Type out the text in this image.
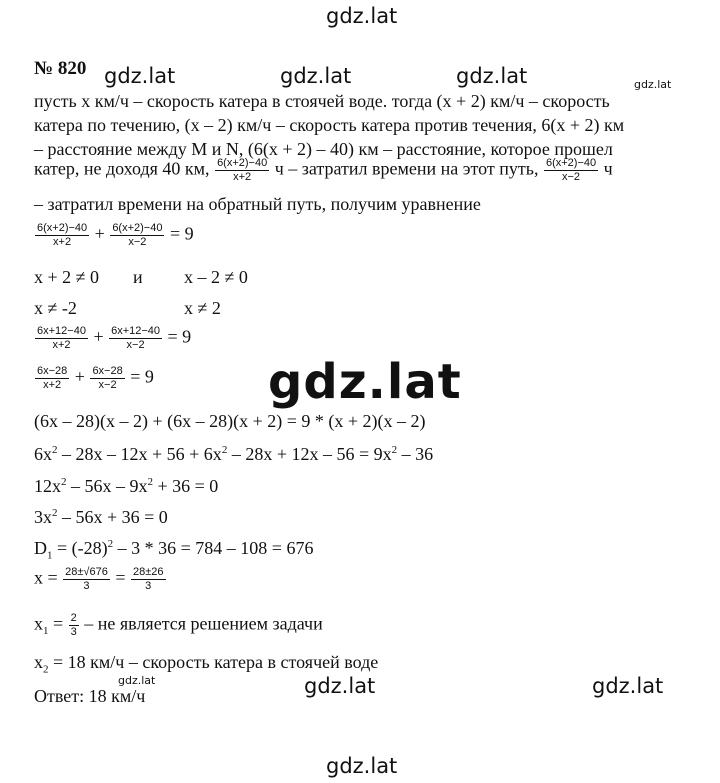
gdz.lat
gdz.lat	gdz.lat	gdz.lat	gdz.lat
gdz.lat
gdz.lat	gdz.lat	gdz.lat
gdz.lat
№ 820
пусть x км/ч – скорость катера в стоячей воде. тогда (x + 2) км/ч – скорость
катера по течению, (x – 2) км/ч – скорость катера против течения, 6(x + 2) км
– расстояние между M и N, (6(x + 2) – 40) км – расстояние, которое прошел
катер, не доходя 40 км, $\frac{6(x+2)-40}{x+2}$ ч – затратил времени на этот путь, $\frac{6(x+2)-40}{x-2}$ ч
– затратил времени на обратный путь, получим уравнение
$\frac{6(x+2)-40}{x+2} + \frac{6(x+2)-40}{x-2} = 9$
x + 2 ≠ 0 и x – 2 ≠ 0
x ≠ -2	x ≠ 2
$\frac{6x+12-40}{x+2} + \frac{6x+12-40}{x-2} = 9$
$\frac{6x-28}{x+2} + \frac{6x-28}{x-2} = 9$
(6x – 28)(x – 2) + (6x – 28)(x + 2) = 9 * (x + 2)(x – 2)
$6x^2 - 28x - 12x + 56 + 6x^2 - 28x + 12x - 56 = 9x^2 - 36$
$12x^2 - 56x - 9x^2 + 36 = 0$
$3x^2 - 56x + 36 = 0$
$D_1 = (-28)^2 - 3 * 36 = 784 - 108 = 676$
$x = \frac{28\pm√676}{3} = \frac{28\pm 26}{3}$
$x_1 = \frac{2}{3}$ – не является решением задачи
$x_2 = 18$ км/ч – скорость катера в стоячей воде
Ответ: 18 км/ч
